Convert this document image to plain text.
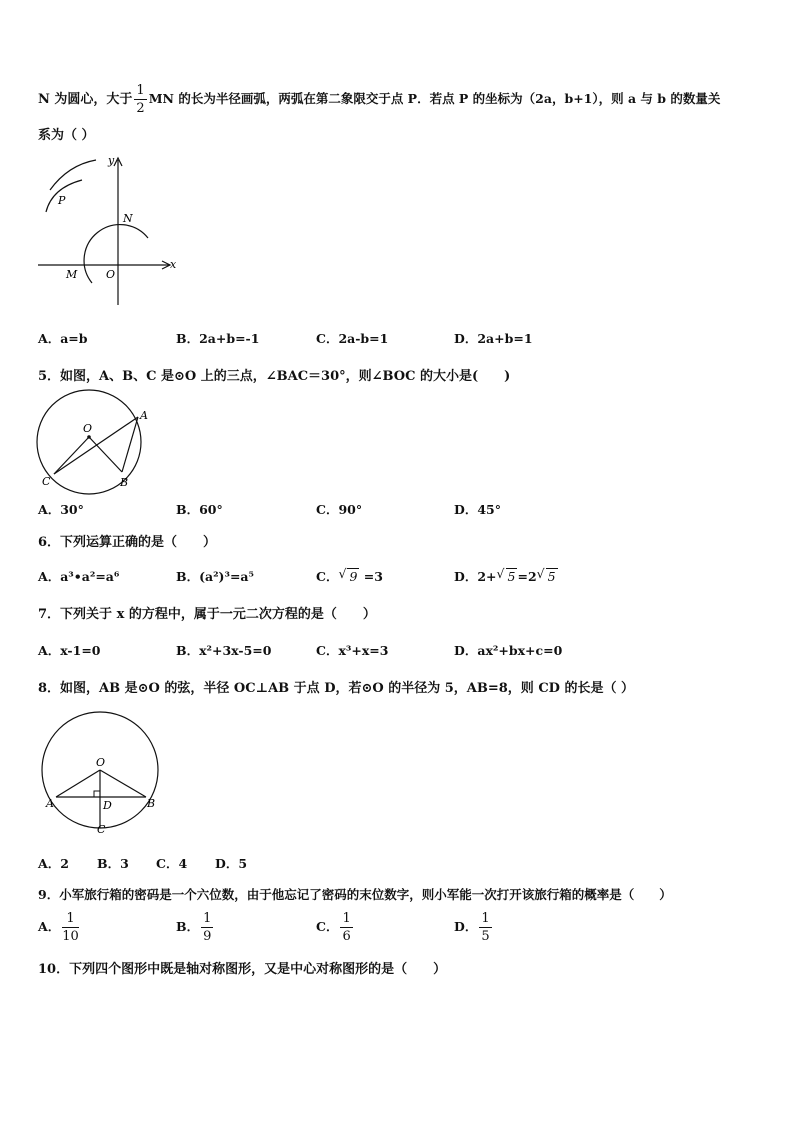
N 为圆心，大于 $\frac{1}{2}$ MN 的长为半径画弧，两弧在第二象限交于点 P．若点 P 的坐标为（2a，b+1），则 a 与 b 的数量关
系为（ ）
y
x
P
N
M	O
A．a=b	B．2a+b=-1	C．2a-b=1	D．2a+b=1
5．如图，A、B、C 是⊙O 上的三点，∠BAC＝30°，则∠BOC 的大小是(　　)
O
A
B
C
A．30°	B．60°	C．90°	D．45°
6．下列运算正确的是（　　）
A．a³•a²=a⁶	B．(a²)³=a⁵	C． √ 9 =3	D．2+ √ 5 =2 √ 5
7．下列关于 x 的方程中，属于一元二次方程的是（　　）
A．x-1=0	B．x²+3x-5=0	C．x³+x=3	D．ax²+bx+c=0
8．如图，AB 是⊙O 的弦，半径 OC⊥AB 于点 D，若⊙O 的半径为 5，AB=8，则 CD 的长是（ ）
O
A	B
D
C
A．2 B．3 C．4 D．5
9．小军旅行箱的密码是一个六位数，由于他忘记了密码的末位数字，则小军能一次打开该旅行箱的概率是（　　）
A． $\frac{1}{10}$	B． $\frac{1}{9}$	C． $\frac{1}{6}$	D． $\frac{1}{5}$
10．下列四个图形中既是轴对称图形，又是中心对称图形的是（　　）
